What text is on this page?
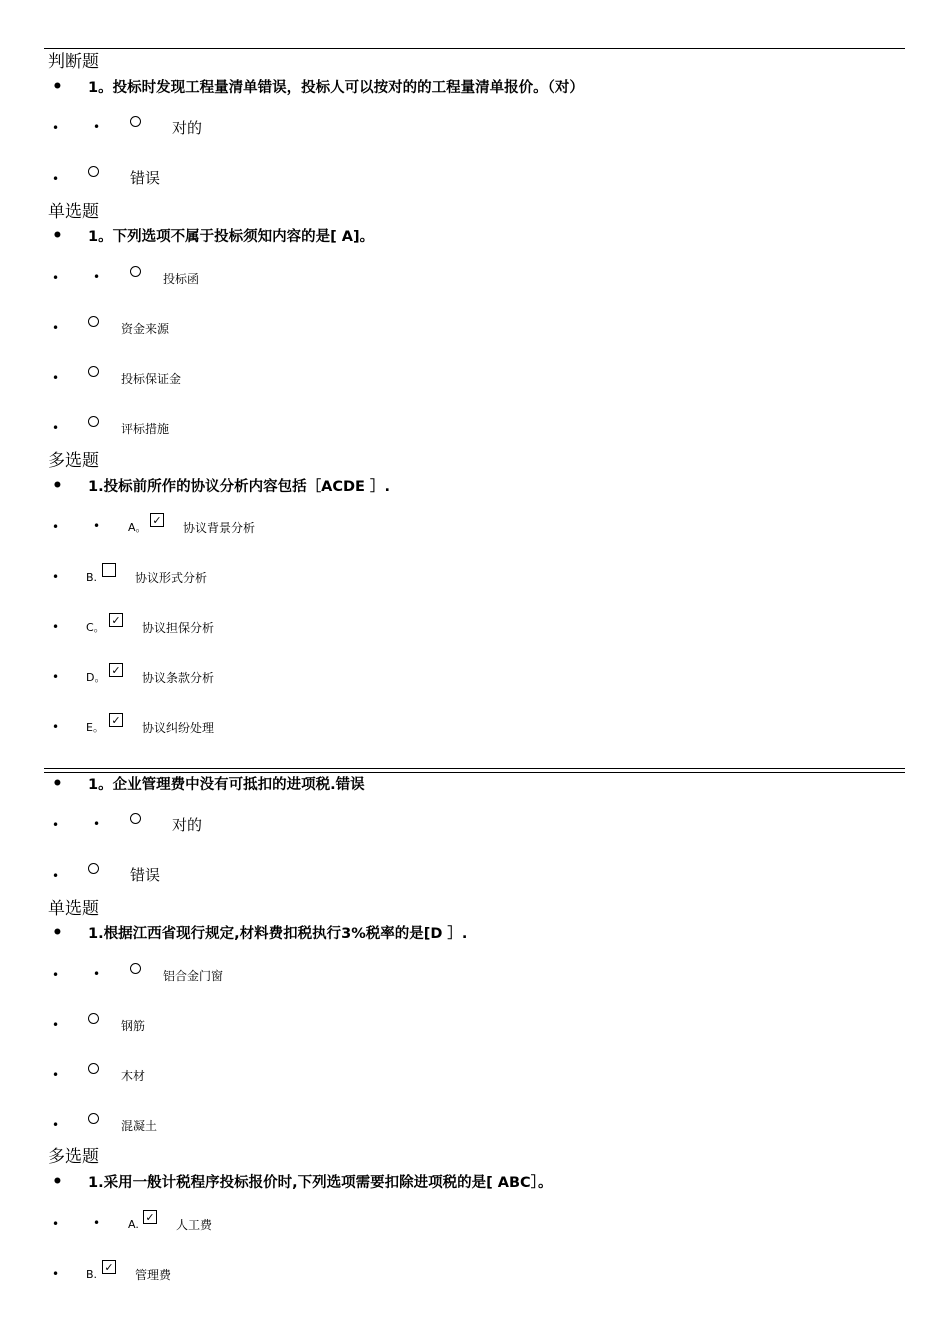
判断题
• 1。投标时发现工程量清单错误，投标人可以按对的的工程量清单报价。（对）
•	•	对的
•	错误
单选题
• 1。下列选项不属于投标须知内容的是[ A]。
•	•	投标函
•	资金来源
•	投标保证金
•	评标措施
多选题
• 1.投标前所作的协议分析内容包括［ACDE ］.
•	•	A。
✓
协议背景分析
• B.	协议形式分析
• C。
✓
协议担保分析
• D。
✓
协议条款分析
• E。
✓
协议纠纷处理
• 1。企业管理费中没有可抵扣的进项税.错误
•	•	对的
•	错误
单选题
• 1.根据江西省现行规定,材料费扣税执行3%税率的是[D ］.
•	•	铝合金门窗
•	钢筋
•	木材
•	混凝土
多选题
• 1.采用一般计税程序投标报价时,下列选项需要扣除进项税的是[ ABC］。
•	•	A.
✓
人工费
• B.
✓
管理费
